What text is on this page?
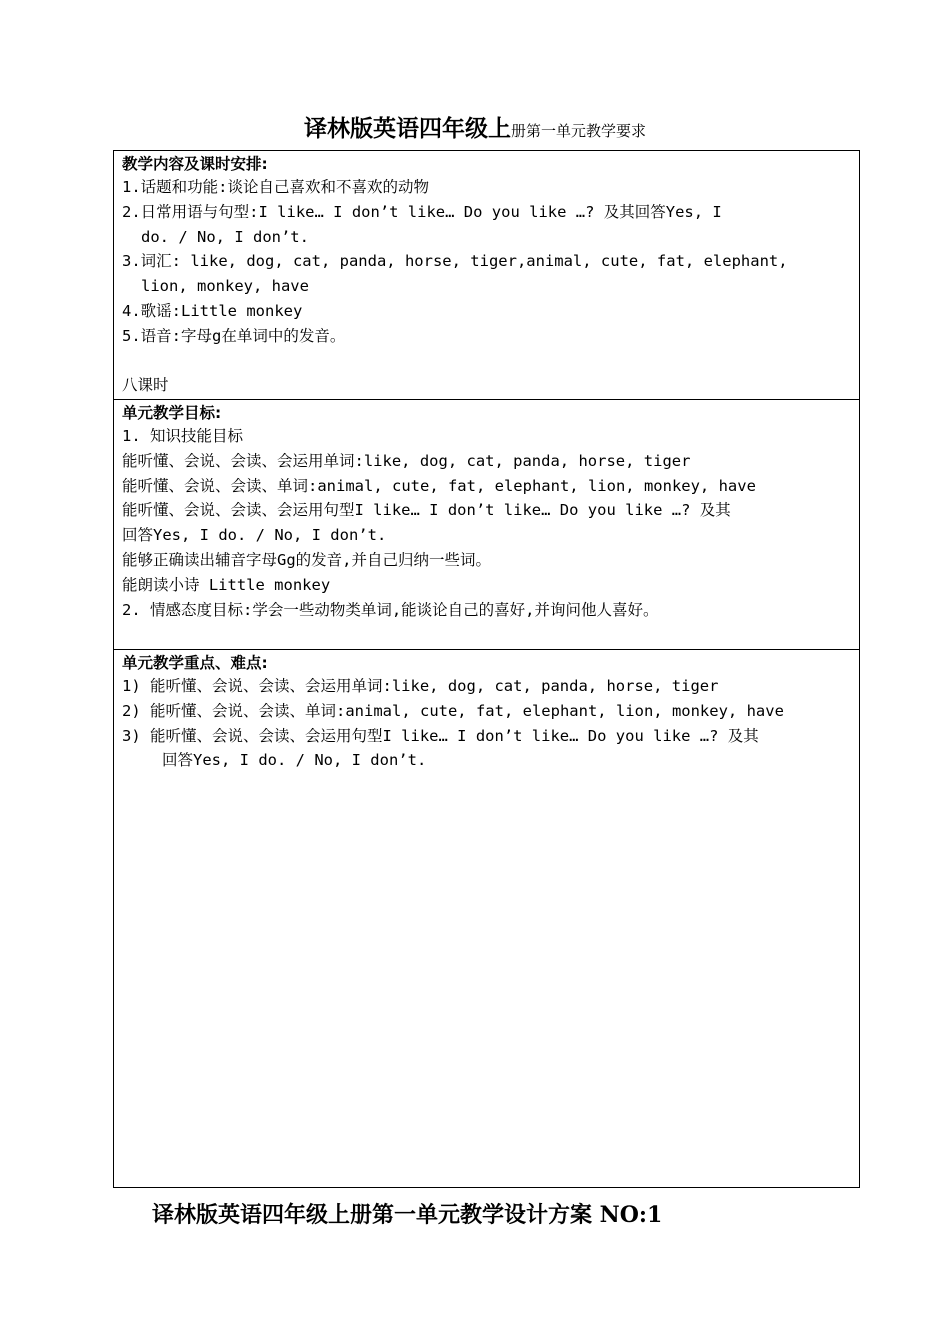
译林版英语四年级上册第一单元教学要求
教学内容及课时安排:
1.话题和功能:谈论自己喜欢和不喜欢的动物
2.日常用语与句型:I like… I don’t like… Do you like …? 及其回答Yes, I
do. / No, I don’t.
3.词汇: like, dog, cat, panda, horse, tiger,animal, cute, fat, elephant,
lion, monkey, have
4.歌谣:Little monkey
5.语音:字母g在单词中的发音。
八课时
单元教学目标:
1. 知识技能目标
能听懂、会说、会读、会运用单词:like, dog, cat, panda, horse, tiger
能听懂、会说、会读、单词:animal, cute, fat, elephant, lion, monkey, have
能听懂、会说、会读、会运用句型I like… I don’t like… Do you like …? 及其
回答Yes, I do. / No, I don’t.
能够正确读出辅音字母Gg的发音,并自己归纳一些词。
能朗读小诗 Little monkey
2. 情感态度目标:学会一些动物类单词,能谈论自己的喜好,并询问他人喜好。
单元教学重点、难点:
1) 能听懂、会说、会读、会运用单词:like, dog, cat, panda, horse, tiger
2) 能听懂、会说、会读、单词:animal, cute, fat, elephant, lion, monkey, have
3) 能听懂、会说、会读、会运用句型I like… I don’t like… Do you like …? 及其
回答Yes, I do. / No, I don’t.
译林版英语四年级上册第一单元教学设计方案 NO:1
